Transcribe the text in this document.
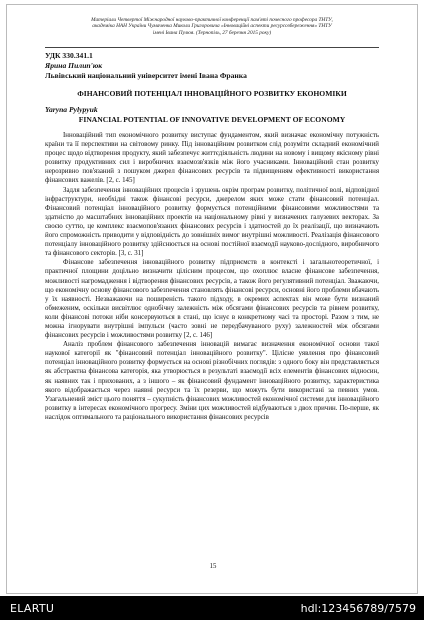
Матеріали Четвертої Міжнародної науково-практичної конференції пам'яті почесного професора ТНТУ,
академіка НАН України Чумаченка Миколи Григоровича «Інноваційні аспекти ресурсозбереження» ТНТУ
імені Івана Пулюя. (Тернопіль, 27 березня 2015 року)
УДК 330.341.1
Ярина Пилип'юк
Львівський національний університет імені Івана Франка
ФІНАНСОВИЙ ПОТЕНЦІАЛ ІННОВАЦІЙНОГО РОЗВИТКУ ЕКОНОМІКИ
Yaryna Pylypyuk
FINANCIAL POTENTIAL OF INNOVATIVE DEVELOPMENT OF ECONOMY

Інноваційний тип економічного розвитку виступає фундаментом, який визначає економічну потужність країни та її перспективи на світовому ринку. Під інноваційним розвитком слід розуміти складний економічний процес щодо відтворення продукту, який забезпечує життєдіяльність людини на новому і вищому якісному рівні розвитку продуктивних сил і виробничих взаємозв'язків між його учасниками. Інноваційний стан розвитку нерозривно пов'язаний з пошуком джерел фінансових ресурсів та підвищенням ефективності використання фінансових важелів. [2, с. 145]

Задля забезпечення інноваційних процесів і зрушень окрім програм розвитку, політичної волі, відповідної інфраструктури, необхідні також фінансові ресурси, джерелом яких може стати фінансовий потенціал. Фінансовий потенціал інноваційного розвитку формується потенційними фінансовими можливостями та здатністю до масштабних інноваційних проектів на національному рівні у визначених галузевих векторах. За своєю суттю, це комплекс взаємопов'язаних фінансових ресурсів і здатностей до їх реалізації, що визначають його спроможність приводити у відповідність до зовнішніх вимог внутрішні можливості. Реалізація фінансового потенціалу інноваційного розвитку здійснюється на основі постійної взаємодії науково-дослідного, виробничого та фінансового секторів. [3, с. 31]

Фінансове забезпечення інноваційного розвитку підприємств в контексті і загальнотеоретичної, і практичної площини доцільно визначити цілісним процесом, що охоплює власне фінансове забезпечення, можливості нагромадження і відтворення фінансових ресурсів, а також його регулятивний потенціал. Зважаючи, що економічну основу фінансового забезпечення становлять фінансові ресурси, основні його проблеми вбачають у їх наявності. Незважаючи на поширеність такого підходу, в окремих аспектах він може бути визнаний обмеженим, оскільки висвітлює однобічну залежність між обсягами фінансових ресурсів та рівнем розвитку, коли фінансові потоки ніби консервуються в стані, що існує в конкретному часі та просторі. Разом з тим, не можна ігнорувати внутрішні імпульси (часто зовні не передбачуваного руху) залежностей між обсягами фінансових ресурсів і можливостями розвитку [2, с. 146]

Аналіз проблем фінансового забезпечення інновацій вимагає визначення економічної основи такої наукової категорії як "фінансовий потенціал інноваційного розвитку". Цілісне уявлення про фінансовий потенціал інноваційного розвитку формується на основі різнобічних поглядів: з одного боку він представляється як абстрактна фінансова категорія, яка утворюється в результаті взаємодії всіх елементів фінансових відносин, як наявних так і прихованих, а з іншого – як фінансовий фундамент інноваційного розвитку, характеристика якого відображається через наявні ресурси та їх резерви, що можуть бути використані за певних умов. Узагальнений зміст цього поняття – сукупність фінансових можливостей економічної системи для інноваційного розвитку в інтересах економічного прогресу. Зміни цих можливостей відбуваються з двох причин. По-перше, як наслідок оптимального та раціонального використання фінансових ресурсів

15
ELARTU	hdl:123456789/7579
